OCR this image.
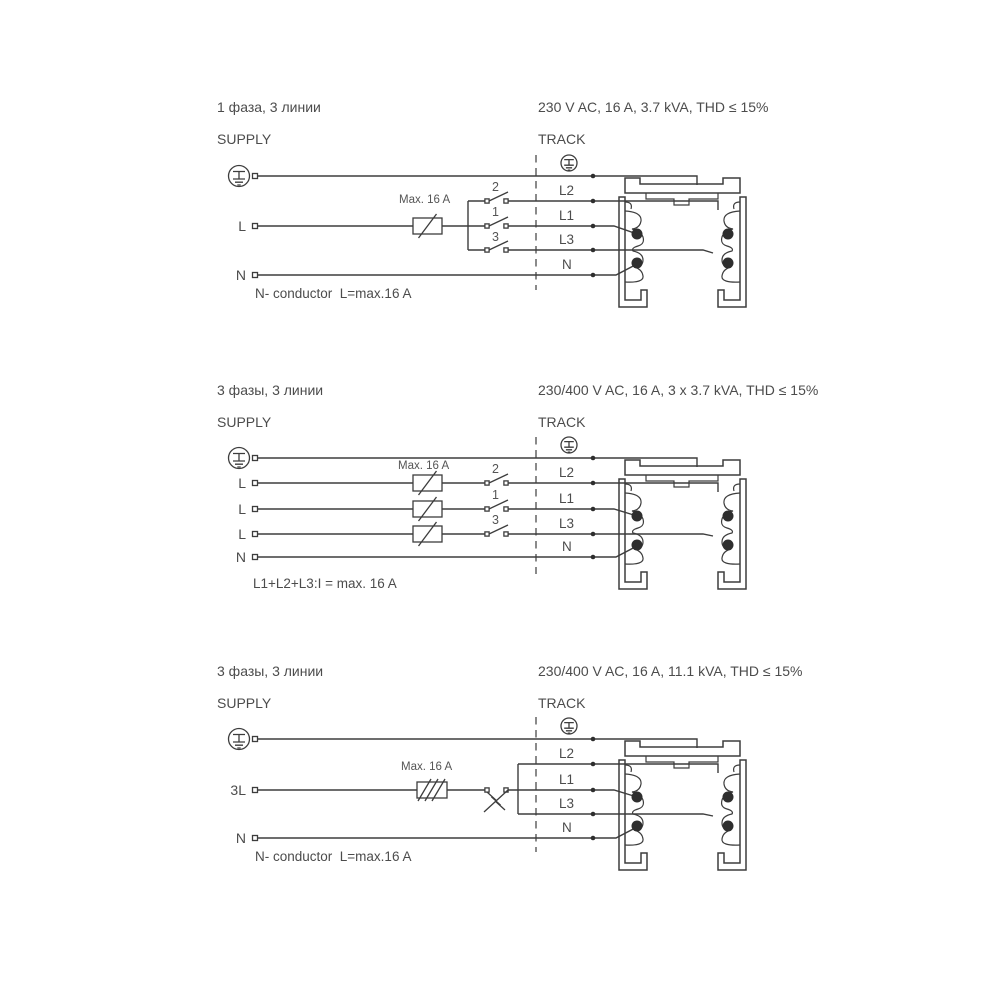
1 фаза, 3 линии	230 V AC, 16 A, 3.7 kVA, THD ≤ 15%
SUPPLY	TRACK
Max. 16 A
L
N
N- conductor  L=max.16 A
2
1
3
L2
L1
L3
N
3 фазы, 3 линии	230/400 V AC, 16 A, 3 x 3.7 kVA, THD ≤ 15%
SUPPLY	TRACK
Max. 16 A
L
L
L
N
L1+L2+L3:I = max. 16 A
2
1
3
L2
L1
L3
N
3 фазы, 3 линии	230/400 V AC, 16 A, 11.1 kVA, THD ≤ 15%
SUPPLY	TRACK
Max. 16 A
3L
N
N- conductor  L=max.16 A
L2
L1
L3
N
